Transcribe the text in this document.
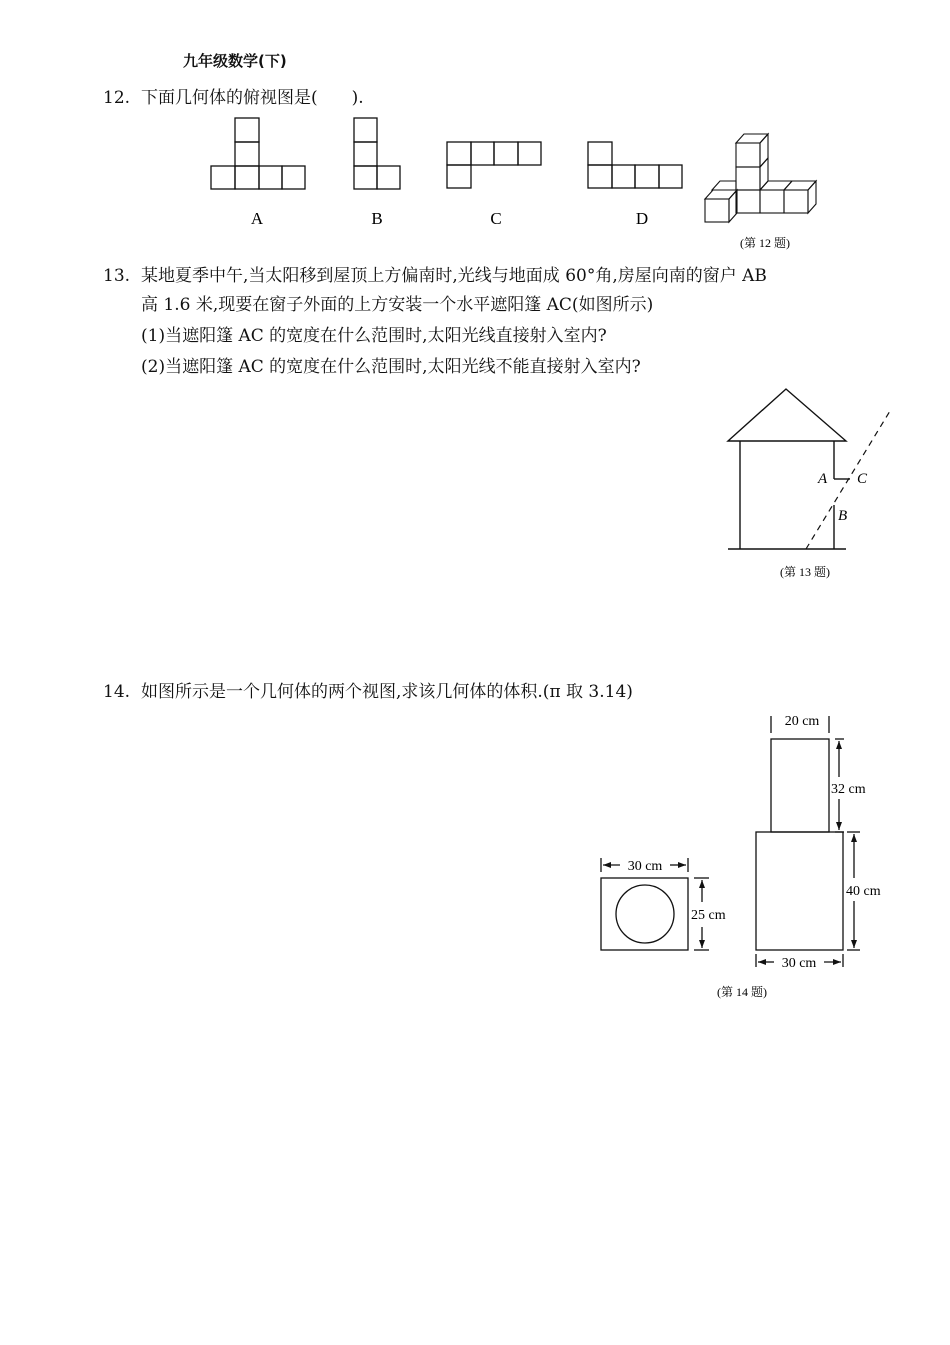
九年级数学(下)
12. 下面几何体的俯视图是(　　).
A	B	C	D
(第 12 题)
13. 某地夏季中午,当太阳移到屋顶上方偏南时,光线与地面成 60°角,房屋向南的窗户 AB
高 1.6 米,现要在窗子外面的上方安装一个水平遮阳篷 AC(如图所示)
(1)当遮阳篷 AC 的宽度在什么范围时,太阳光线直接射入室内?
(2)当遮阳篷 AC 的宽度在什么范围时,太阳光线不能直接射入室内?
A C
B
(第 13 题)
14. 如图所示是一个几何体的两个视图,求该几何体的体积.(π 取 3.14)
20 cm
32 cm
40 cm
30 cm
30 cm
25 cm
(第 14 题)
